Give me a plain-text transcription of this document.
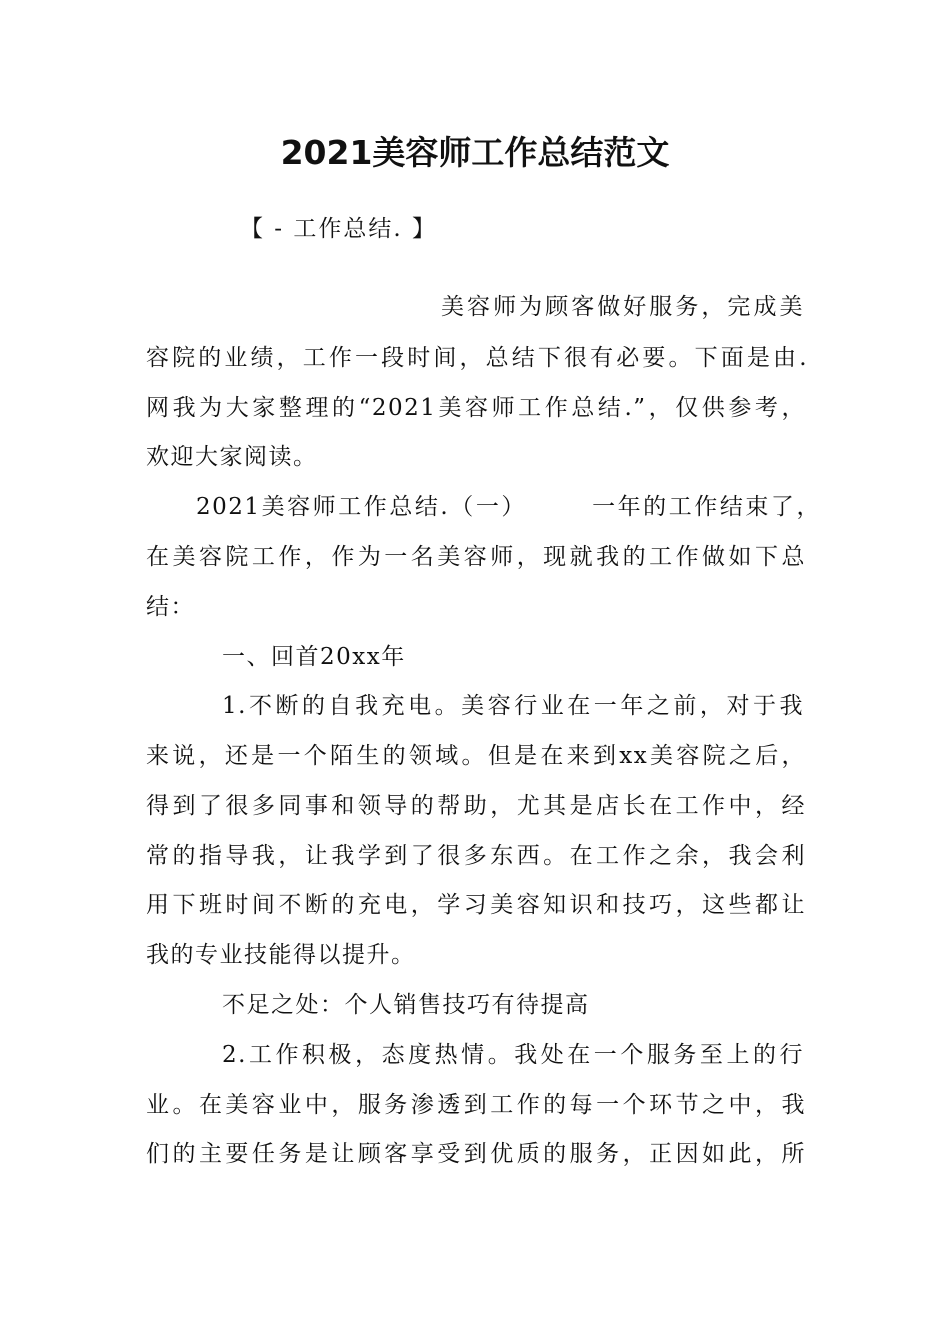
2021美容师工作总结范文

【 - 工作总结. 】

美容师为顾客做好服务，完成美

容院的业绩，工作一段时间，总结下很有必要。下面是由.

网我为大家整理的“2021美容师工作总结.”，仅供参考，

欢迎大家阅读。

2021美容师工作总结.（一）　　　一年的工作结束了，

在美容院工作，作为一名美容师，现就我的工作做如下总

结：

一、回首20xx年

1.不断的自我充电。美容行业在一年之前，对于我

来说，还是一个陌生的领域。但是在来到xx美容院之后，

得到了很多同事和领导的帮助，尤其是店长在工作中，经

常的指导我，让我学到了很多东西。在工作之余，我会利

用下班时间不断的充电，学习美容知识和技巧，这些都让

我的专业技能得以提升。

不足之处：个人销售技巧有待提高

2.工作积极，态度热情。我处在一个服务至上的行

业。在美容业中，服务渗透到工作的每一个环节之中，我

们的主要任务是让顾客享受到优质的服务，正因如此，所
